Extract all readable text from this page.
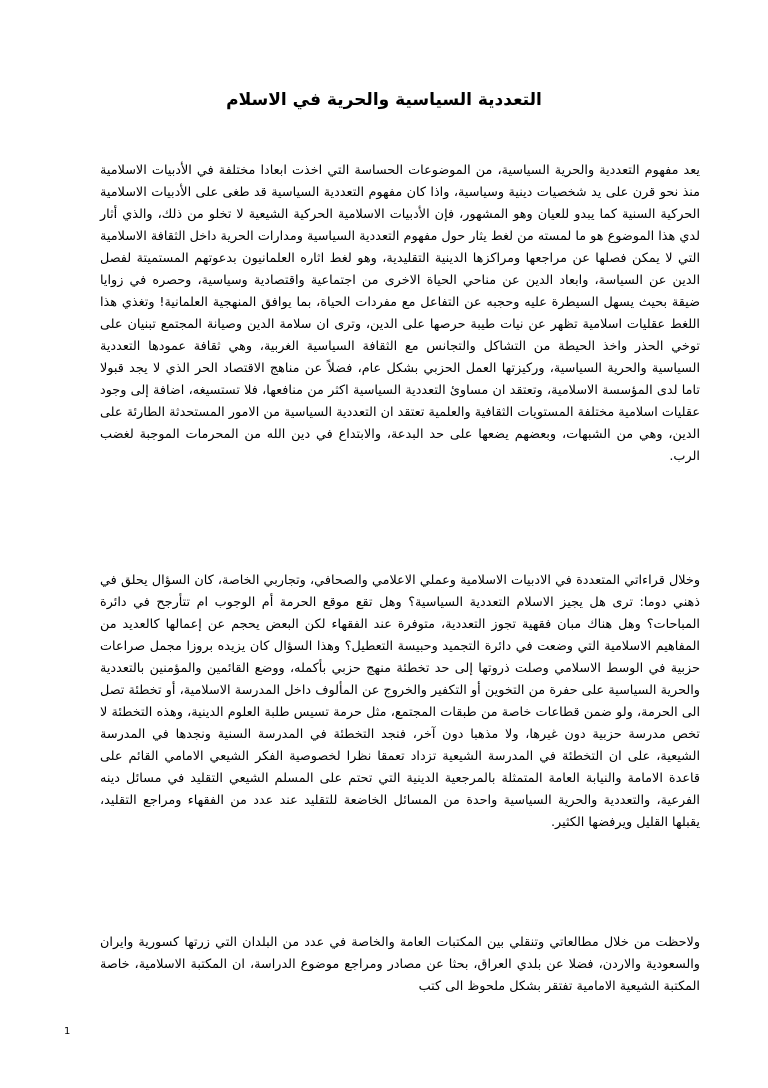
التعددية السياسية والحرية في الاسلام

يعد مفهوم التعددية والحرية السياسية، من الموضوعات الحساسة التي اخذت ابعادا مختلفة في الأدبيات الاسلامية منذ نحو قرن على يد شخصيات دينية وسياسية، واذا كان مفهوم التعددية السياسية قد طغى على الأدبيات الاسلامية الحركية السنية كما يبدو للعيان وهو المشهور، فإن الأدبيات الاسلامية الحركية الشيعية لا تخلو من ذلك، والذي أثار لدي هذا الموضوع هو ما لمسته من لغط يثار حول مفهوم التعددية السياسية ومدارات الحرية داخل الثقافة الاسلامية التي لا يمكن فصلها عن مراجعها ومراكزها الدينية التقليدية، وهو لغط اثاره العلمانيون بدعوتهم المستميتة لفصل الدين عن السياسة، وابعاد الدين عن مناحي الحياة الاخرى من اجتماعية واقتصادية وسياسية، وحصره في زوايا ضيقة بحيث يسهل السيطرة عليه وحجبه عن التفاعل مع مفردات الحياة، بما يوافق المنهجية العلمانية! وتغذي هذا اللغط عقليات اسلامية تظهر عن نيات طيبة حرصها على الدين، وترى ان سلامة الدين وصيانة المجتمع تبنيان على توخي الحذر واخذ الحيطة من التشاكل والتجانس مع الثقافة السياسية الغربية، وهي ثقافة عمودها التعددية السياسية والحرية السياسية، وركيزتها العمل الحزبي بشكل عام، فضلاً عن مناهج الاقتصاد الحر الذي لا يجد قبولا تاما لدى المؤسسة الاسلامية، وتعتقد ان مساوئ التعددية السياسية اكثر من منافعها، فلا تستسيغه، اضافة إلى وجود عقليات اسلامية مختلفة المستويات الثقافية والعلمية تعتقد ان التعددية السياسية من الامور المستحدثة الطارئة على الدين، وهي من الشبهات، وبعضهم يضعها على حد البدعة، والابتداع في دين الله من المحرمات الموجبة لغضب الرب.

وخلال قراءاتي المتعددة في الادبيات الاسلامية وعملي الاعلامي والصحافي، وتجاربي الخاصة، كان السؤال يحلق في ذهني دوما: ترى هل يجيز الاسلام التعددية السياسية؟ وهل تقع موقع الحرمة أم الوجوب ام تتأرجح في دائرة المباحات؟ وهل هناك مبان فقهية تجوز التعددية، متوفرة عند الفقهاء لكن البعض يحجم عن إعمالها كالعديد من المفاهيم الاسلامية التي وضعت في دائرة التجميد وحبيسة التعطيل؟ وهذا السؤال كان يزيده بروزا مجمل صراعات حزبية في الوسط الاسلامي وصلت ذروتها إلى حد تخطئة منهج حزبي بأكمله، ووضع القائمين والمؤمنين بالتعددية والحرية السياسية على حفرة من التخوين أو التكفير والخروج عن المألوف داخل المدرسة الاسلامية، أو تخطئة تصل الى الحرمة، ولو ضمن قطاعات خاصة من طبقات المجتمع، مثل حرمة تسيس طلبة العلوم الدينية، وهذه التخطئة لا تخص مدرسة حزبية دون غيرها، ولا مذهبا دون آخر، فنجد التخطئة في المدرسة السنية ونجدها في المدرسة الشيعية، على ان التخطئة في المدرسة الشيعية تزداد تعمقا نظرا لخصوصية الفكر الشيعي الامامي القائم على قاعدة الامامة والنيابة العامة المتمثلة بالمرجعية الدينية التي تحتم على المسلم الشيعي التقليد في مسائل دينه الفرعية، والتعددية والحرية السياسية واحدة من المسائل الخاضعة للتقليد عند عدد من الفقهاء ومراجع التقليد، يقبلها القليل ويرفضها الكثير.

ولاحظت من خلال مطالعاتي وتنقلي بين المكتبات العامة والخاصة في عدد من البلدان التي زرتها كسورية وايران والسعودية والاردن، فضلا عن بلدي العراق، بحثا عن مصادر ومراجع موضوع الدراسة، ان المكتبة الاسلامية، خاصة المكتبة الشيعية الامامية تفتقر بشكل ملحوظ الى كتب

1
